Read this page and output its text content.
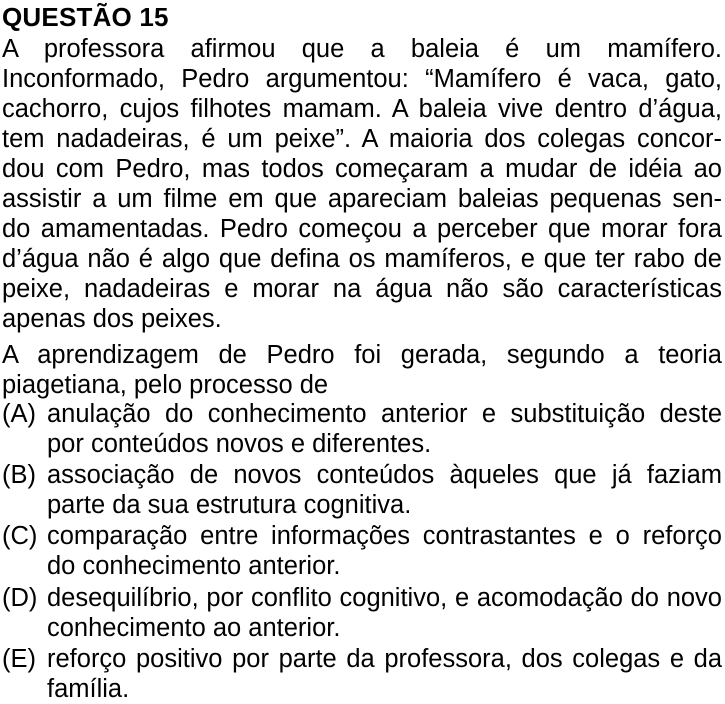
QUESTÃO 15
A professora afirmou que a baleia é um mamífero.
Inconformado, Pedro argumentou: “Mamífero é vaca, gato,
cachorro, cujos filhotes mamam. A baleia vive dentro d’água,
tem nadadeiras, é um peixe”. A maioria dos colegas concor-
dou com Pedro, mas todos começaram a mudar de idéia ao
assistir a um filme em que apareciam baleias pequenas sen-
do amamentadas. Pedro começou a perceber que morar fora
d’água não é algo que defina os mamíferos, e que ter rabo de
peixe, nadadeiras e morar na água não são características
apenas dos peixes.
A aprendizagem de Pedro foi gerada, segundo a teoria
piagetiana, pelo processo de
(A) anulação do conhecimento anterior e substituição deste
por conteúdos novos e diferentes.
(B) associação de novos conteúdos àqueles que já faziam
parte da sua estrutura cognitiva.
(C) comparação entre informações contrastantes e o reforço
do conhecimento anterior.
(D) desequilíbrio, por conflito cognitivo, e acomodação do novo
conhecimento ao anterior.
(E) reforço positivo por parte da professora, dos colegas e da
família.
